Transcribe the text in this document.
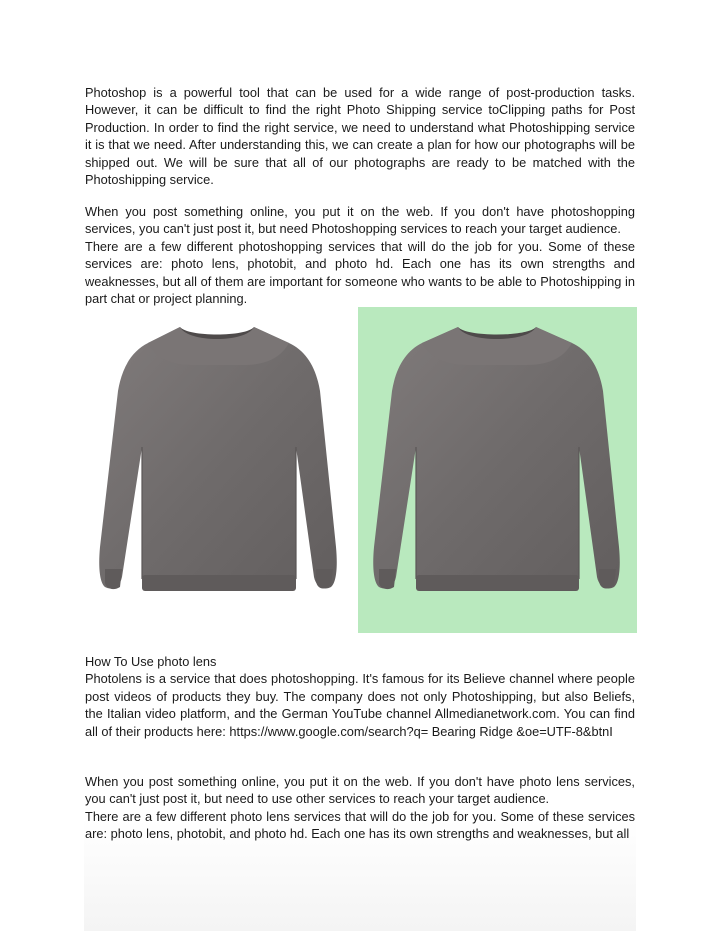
Photoshop is a powerful tool that can be used for a wide range of post-production tasks. However, it can be difficult to find the right Photo Shipping service toClipping paths for Post Production. In order to find the right service, we need to understand what Photoshipping service it is that we need. After understanding this, we can create a plan for how our photographs will be shipped out. We will be sure that all of our photographs are ready to be matched with the Photoshipping service.

When you post something online, you put it on the web. If you don't have photoshopping services, you can't just post it, but need Photoshopping services to reach your target audience.

There are a few different photoshopping services that will do the job for you. Some of these services are: photo lens, photobit, and photo hd. Each one has its own strengths and weaknesses, but all of them are important for someone who wants to be able to Photoshipping in part chat or project planning.

How To Use photo lens

Photolens is a service that does photoshopping. It's famous for its Believe channel where people post videos of products they buy. The company does not only Photoshipping, but also Beliefs, the Italian video platform, and the German YouTube channel Allmedianetwork.com. You can find all of their products here: https://www.google.com/search?q= Bearing Ridge &oe=UTF-8&btnI

When you post something online, you put it on the web. If you don't have photo lens services, you can't just post it, but need to use other services to reach your target audience.

There are a few different photo lens services that will do the job for you. Some of these services are: photo lens, photobit, and photo hd. Each one has its own strengths and weaknesses, but all
